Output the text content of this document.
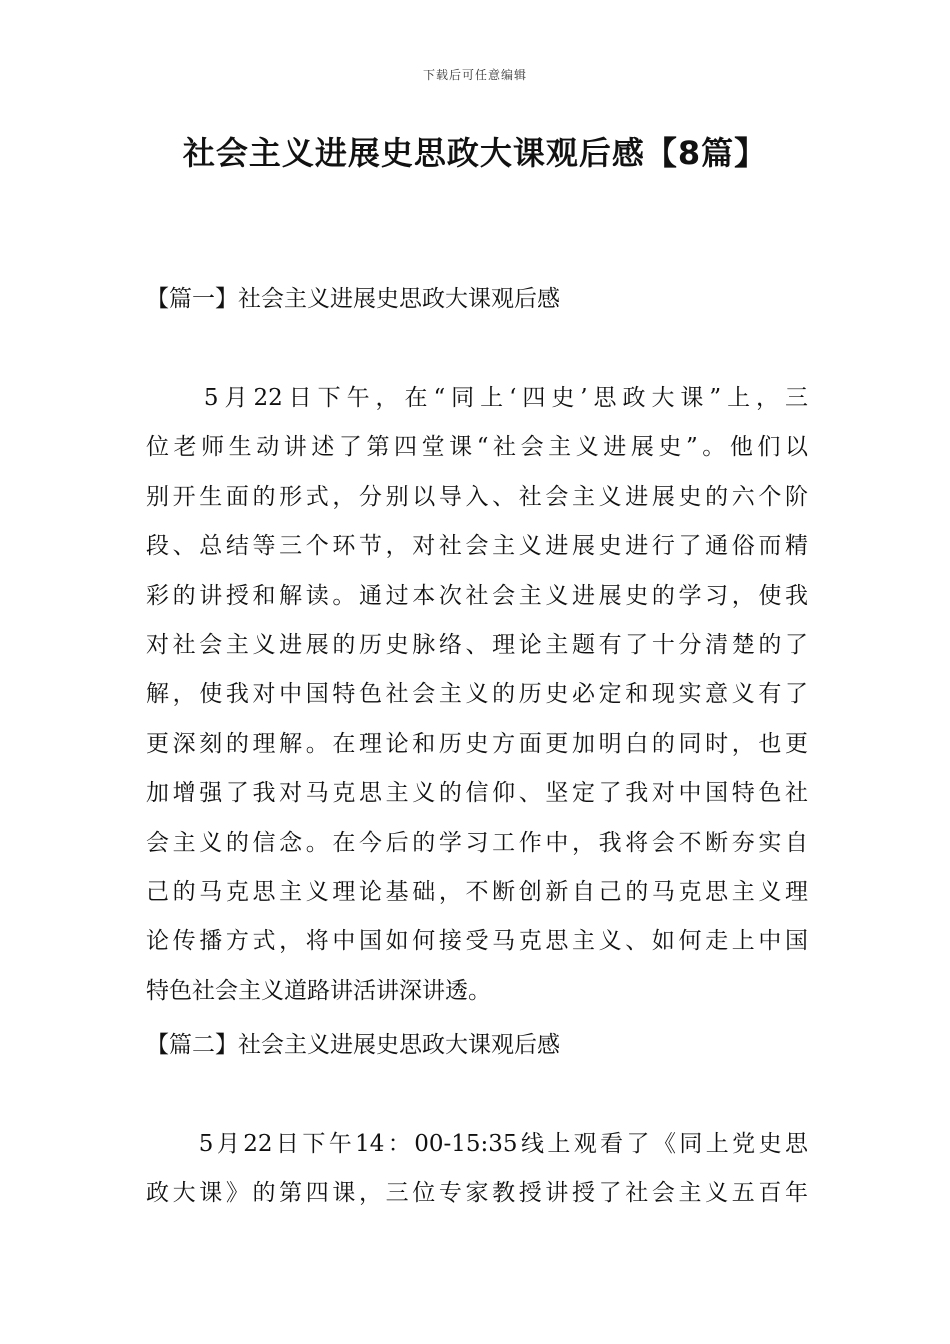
下载后可任意编辑
社会主义进展史思政大课观后感【8篇】
【篇一】社会主义进展史思政大课观后感
　　5月22日下午，在“同上‘四史’思政大课”上，三
位老师生动讲述了第四堂课“社会主义进展史”。他们以
别开生面的形式，分别以导入、社会主义进展史的六个阶
段、总结等三个环节，对社会主义进展史进行了通俗而精
彩的讲授和解读。通过本次社会主义进展史的学习，使我
对社会主义进展的历史脉络、理论主题有了十分清楚的了
解，使我对中国特色社会主义的历史必定和现实意义有了
更深刻的理解。在理论和历史方面更加明白的同时，也更
加增强了我对马克思主义的信仰、坚定了我对中国特色社
会主义的信念。在今后的学习工作中，我将会不断夯实自
己的马克思主义理论基础，不断创新自己的马克思主义理
论传播方式，将中国如何接受马克思主义、如何走上中国
特色社会主义道路讲活讲深讲透。
【篇二】社会主义进展史思政大课观后感
　　5月22日下午14：00-15:35线上观看了《同上党史思
政大课》的第四课，三位专家教授讲授了社会主义五百年
